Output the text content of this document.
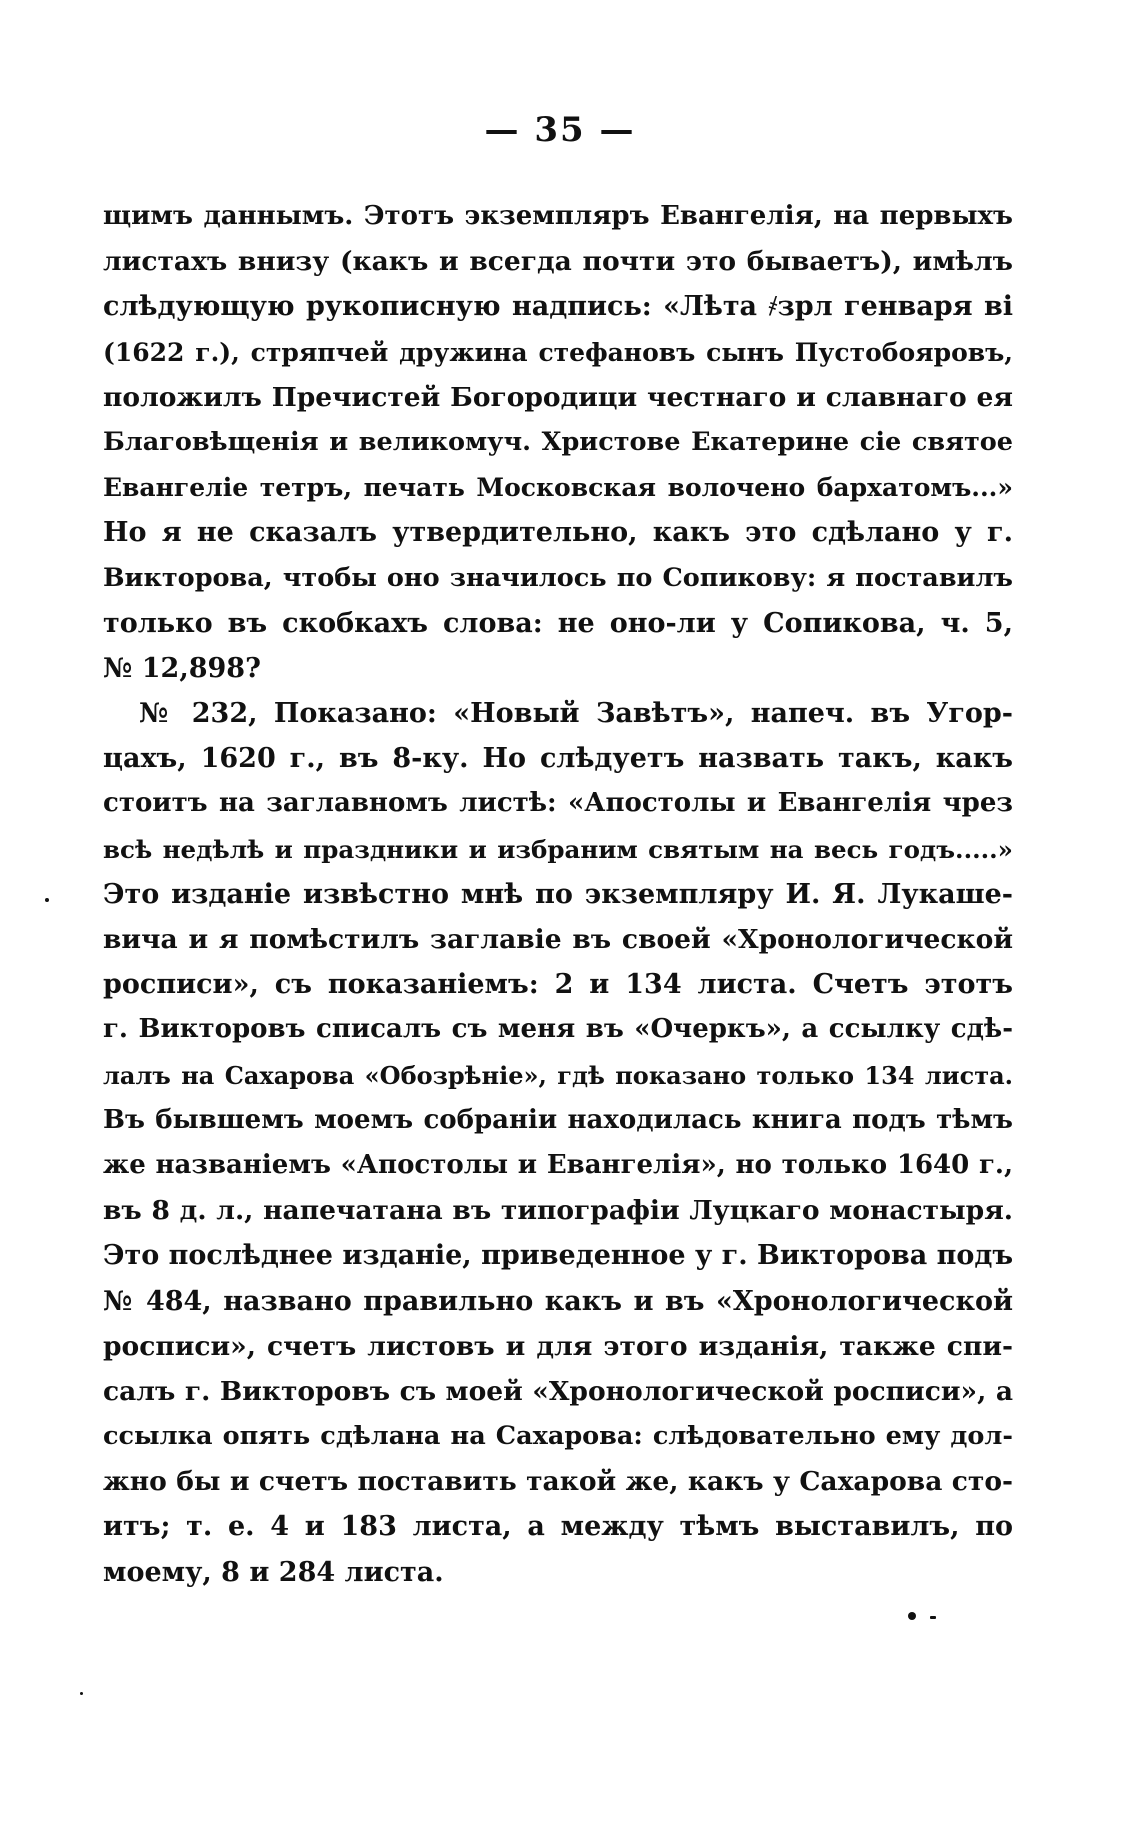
— 35 —
щимъ даннымъ. Этотъ экземпляръ Евангелія, на первыхъ
листахъ внизу (какъ и всегда почти это бываетъ), имѣлъ
слѣдующую рукописную надпись: «Лѣта ҂зрл генваря ві
(1622 г.), стряпчей дружина стефановъ сынъ Пустобояровъ,
положилъ Пречистей Богородици честнаго и славнаго ея
Благовѣщенія и великомуч. Христове Екатерине сіе святое
Евангеліе тетръ, печать Московская волочено бархатомъ...»
Но я не сказалъ утвердительно, какъ это сдѣлано у г.
Викторова, чтобы оно значилось по Сопикову: я поставилъ
только въ скобкахъ слова: не оно-ли у Сопикова, ч. 5,
№ 12,898?
№ 232, Показано: «Новый Завѣтъ», напеч. въ Угор-
цахъ, 1620 г., въ 8-ку. Но слѣдуетъ назвать такъ, какъ
стоитъ на заглавномъ листѣ: «Апостолы и Евангелія чрез
всѣ недѣлѣ и праздники и избраним святым на весь годъ.....»
Это изданіе извѣстно мнѣ по экземпляру И. Я. Лукаше-
вича и я помѣстилъ заглавіе въ своей «Хронологической
росписи», съ показаніемъ: 2 и 134 листа. Счетъ этотъ
г. Викторовъ списалъ съ меня въ «Очеркъ», а ссылку сдѣ-
лалъ на Сахарова «Обозрѣніе», гдѣ показано только 134 листа.
Въ бывшемъ моемъ собраніи находилась книга подъ тѣмъ
же названіемъ «Апостолы и Евангелія», но только 1640 г.,
въ 8 д. л., напечатана въ типографіи Луцкаго монастыря.
Это послѣднее изданіе, приведенное у г. Викторова подъ
№ 484, названо правильно какъ и въ «Хронологической
росписи», счетъ листовъ и для этого изданія, также спи-
салъ г. Викторовъ съ моей «Хронологической росписи», а
ссылка опять сдѣлана на Сахарова: слѣдовательно ему дол-
жно бы и счетъ поставить такой же, какъ у Сахарова сто-
итъ; т. е. 4 и 183 листа, а между тѣмъ выставилъ, по
моему, 8 и 284 листа.
